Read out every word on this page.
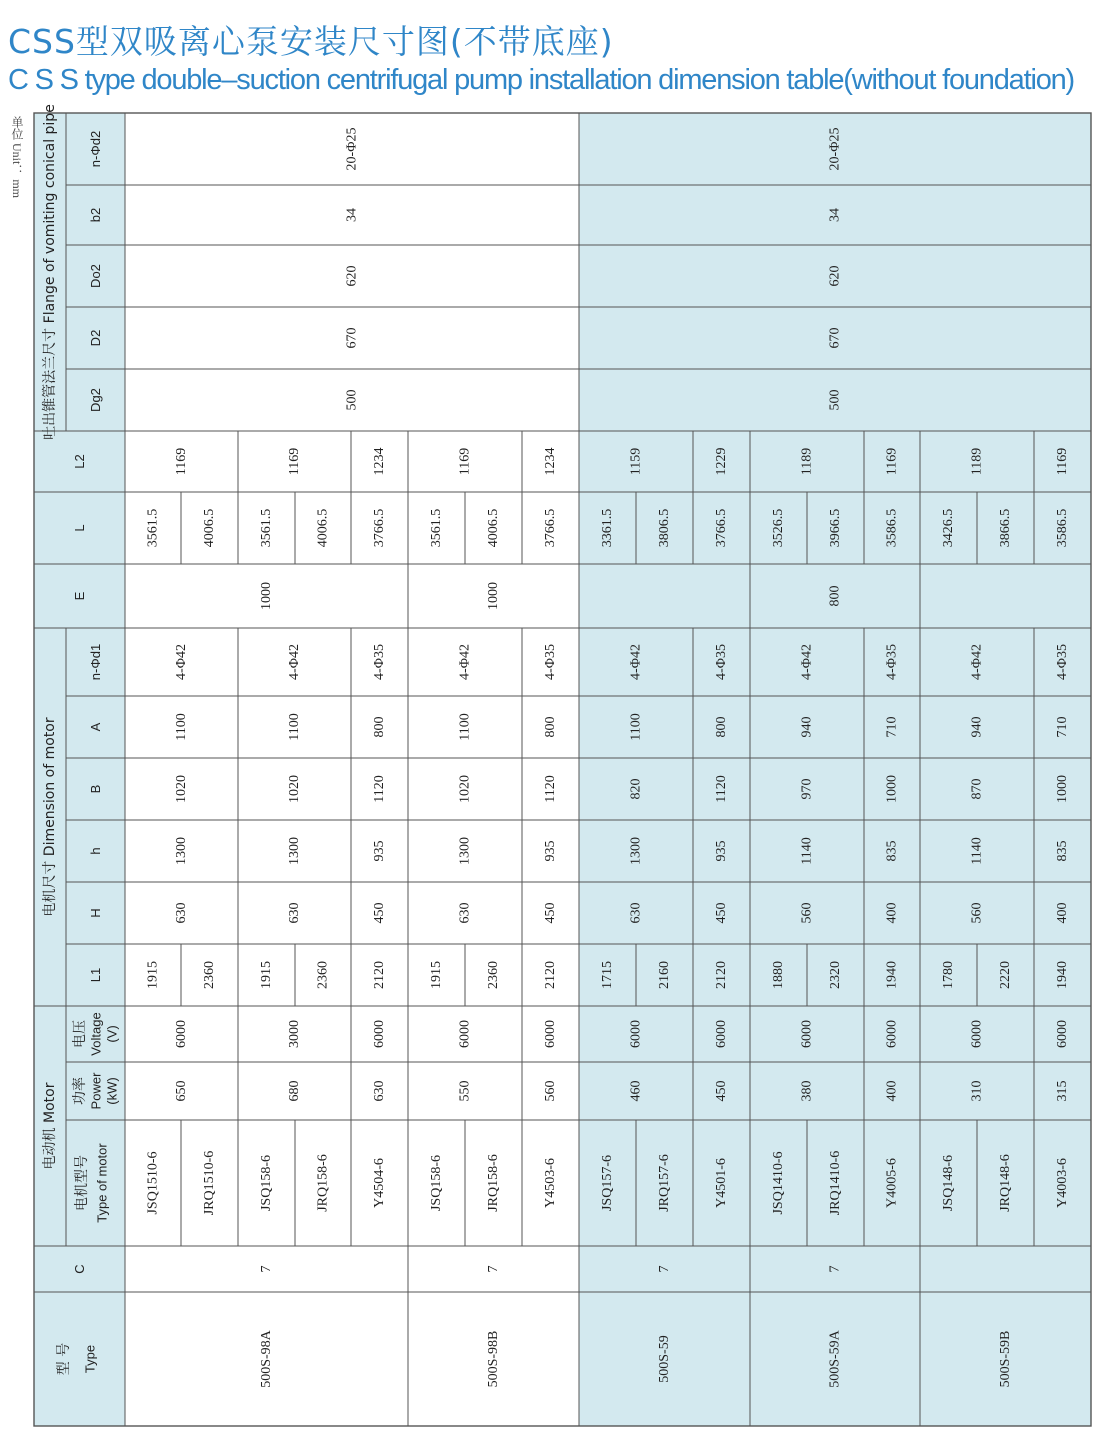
CSS型双吸离心泵安装尺寸图(不带底座)
C S S type double–suction centrifugal pump installation dimension table(without foundation)
单位 Unit： mm
型 号 Type
C
电动机 Motor
电机型号 Type of motor
功率 Power (kW)
电压 Voltage (V)
电机尺寸 Dimension of motor
L1
H
h
B
A
n-Φd1
E
L
L2
吐出锥管法兰尺寸 Flange of vomiting conical pipe Dg2
D2
Do2
b2
n-Φd2
500S-98A
7
JSQ1510-6
1915
3561.5
JRQ1510-6
2360
4006.5
JSQ158-6
1915
3561.5
JRQ158-6
2360
4006.5
Y4504-6
2120
3766.5
650
6000
630
1300
1020
1100
4-Φ42
1169
680
3000
630
1300
1020
1100
4-Φ42
1169
630
6000
450
935
1120
800
4-Φ35
1234
500S-98B
7
JSQ158-6
1915
3561.5
JRQ158-6
2360
4006.5
Y4503-6
2120
3766.5
550
6000
630
1300
1020
1100
4-Φ42
1169
560
6000
450
935
1120
800
4-Φ35
1234
500S-59
7
JSQ157-6
1715
3361.5
JRQ157-6
2160
3806.5
Y4501-6
2120
3766.5
460
6000
630
1300
820
1100
4-Φ42
1159
450
6000
450
935
1120
800
4-Φ35
1229
500S-59A
7
JSQ1410-6
1880
3526.5
JRQ1410-6
2320
3966.5
Y4005-6
1940
3586.5
380
6000
560
1140
970
940
4-Φ42
1189
400
6000
400
835
1000
710
4-Φ35
1169
500S-59B
JSQ148-6
1780
3426.5
JRQ148-6
2220
3866.5
Y4003-6
1940
3586.5
310
6000
560
1140
870
940
4-Φ42
1189
315
6000
400
835
1000
710
4-Φ35
1169
1000	1000	800
500
670
620
34
20-Φ25
500
670
620
34
20-Φ25
